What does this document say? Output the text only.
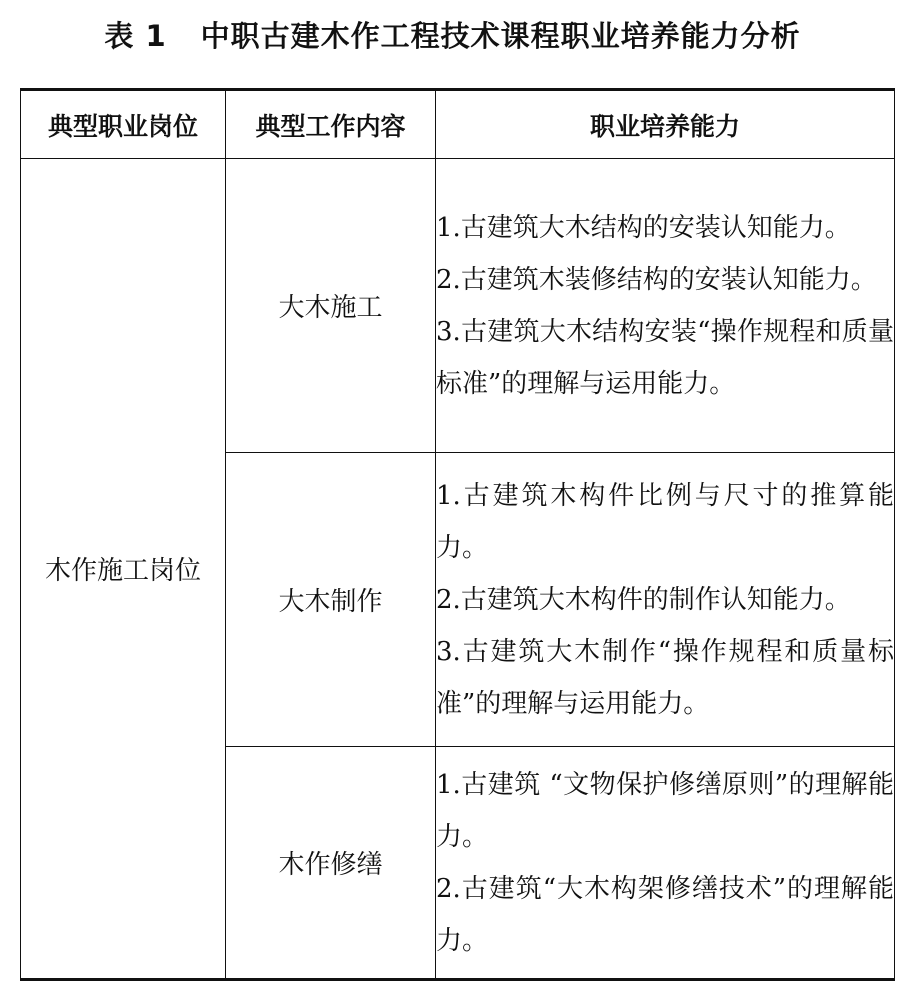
表 1 中职古建木作工程技术课程职业培养能力分析
典型职业岗位	典型工作内容	职业培养能力
木作施工岗位	大木施工	1.古建筑大木结构的安装认知能力。

2.古建筑木装修结构的安装认知能力。

3.古建筑大木结构安装“操作规程和质量标准”的理解与运用能力。

	大木制作	1.古建筑木构件比例与尺寸的推算能力。

2.古建筑大木构件的制作认知能力。

3.古建筑大木制作“操作规程和质量标准”的理解与运用能力。

	木作修缮	1.古建筑 “文物保护修缮原则”的理解能力。

2.古建筑“大木构架修缮技术”的理解能力。
